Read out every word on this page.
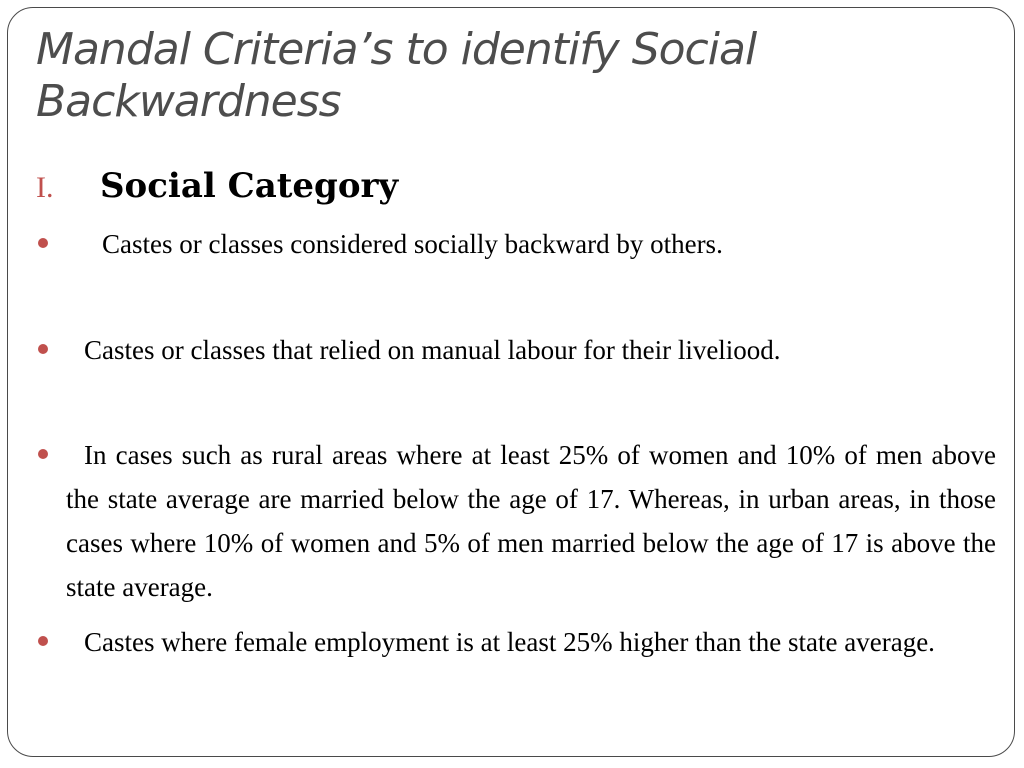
Mandal Criteria’s to identify Social Backwardness
I. Social Category
Castes or classes considered socially backward by others.
Castes or classes that relied on manual labour for their liveliood.
In cases such as rural areas where at least 25% of women and 10% of men above the state average are married below the age of 17. Whereas, in urban areas, in those cases where 10% of women and 5% of men married below the age of 17 is above the state average.
Castes where female employment is at least 25% higher than the state average.
